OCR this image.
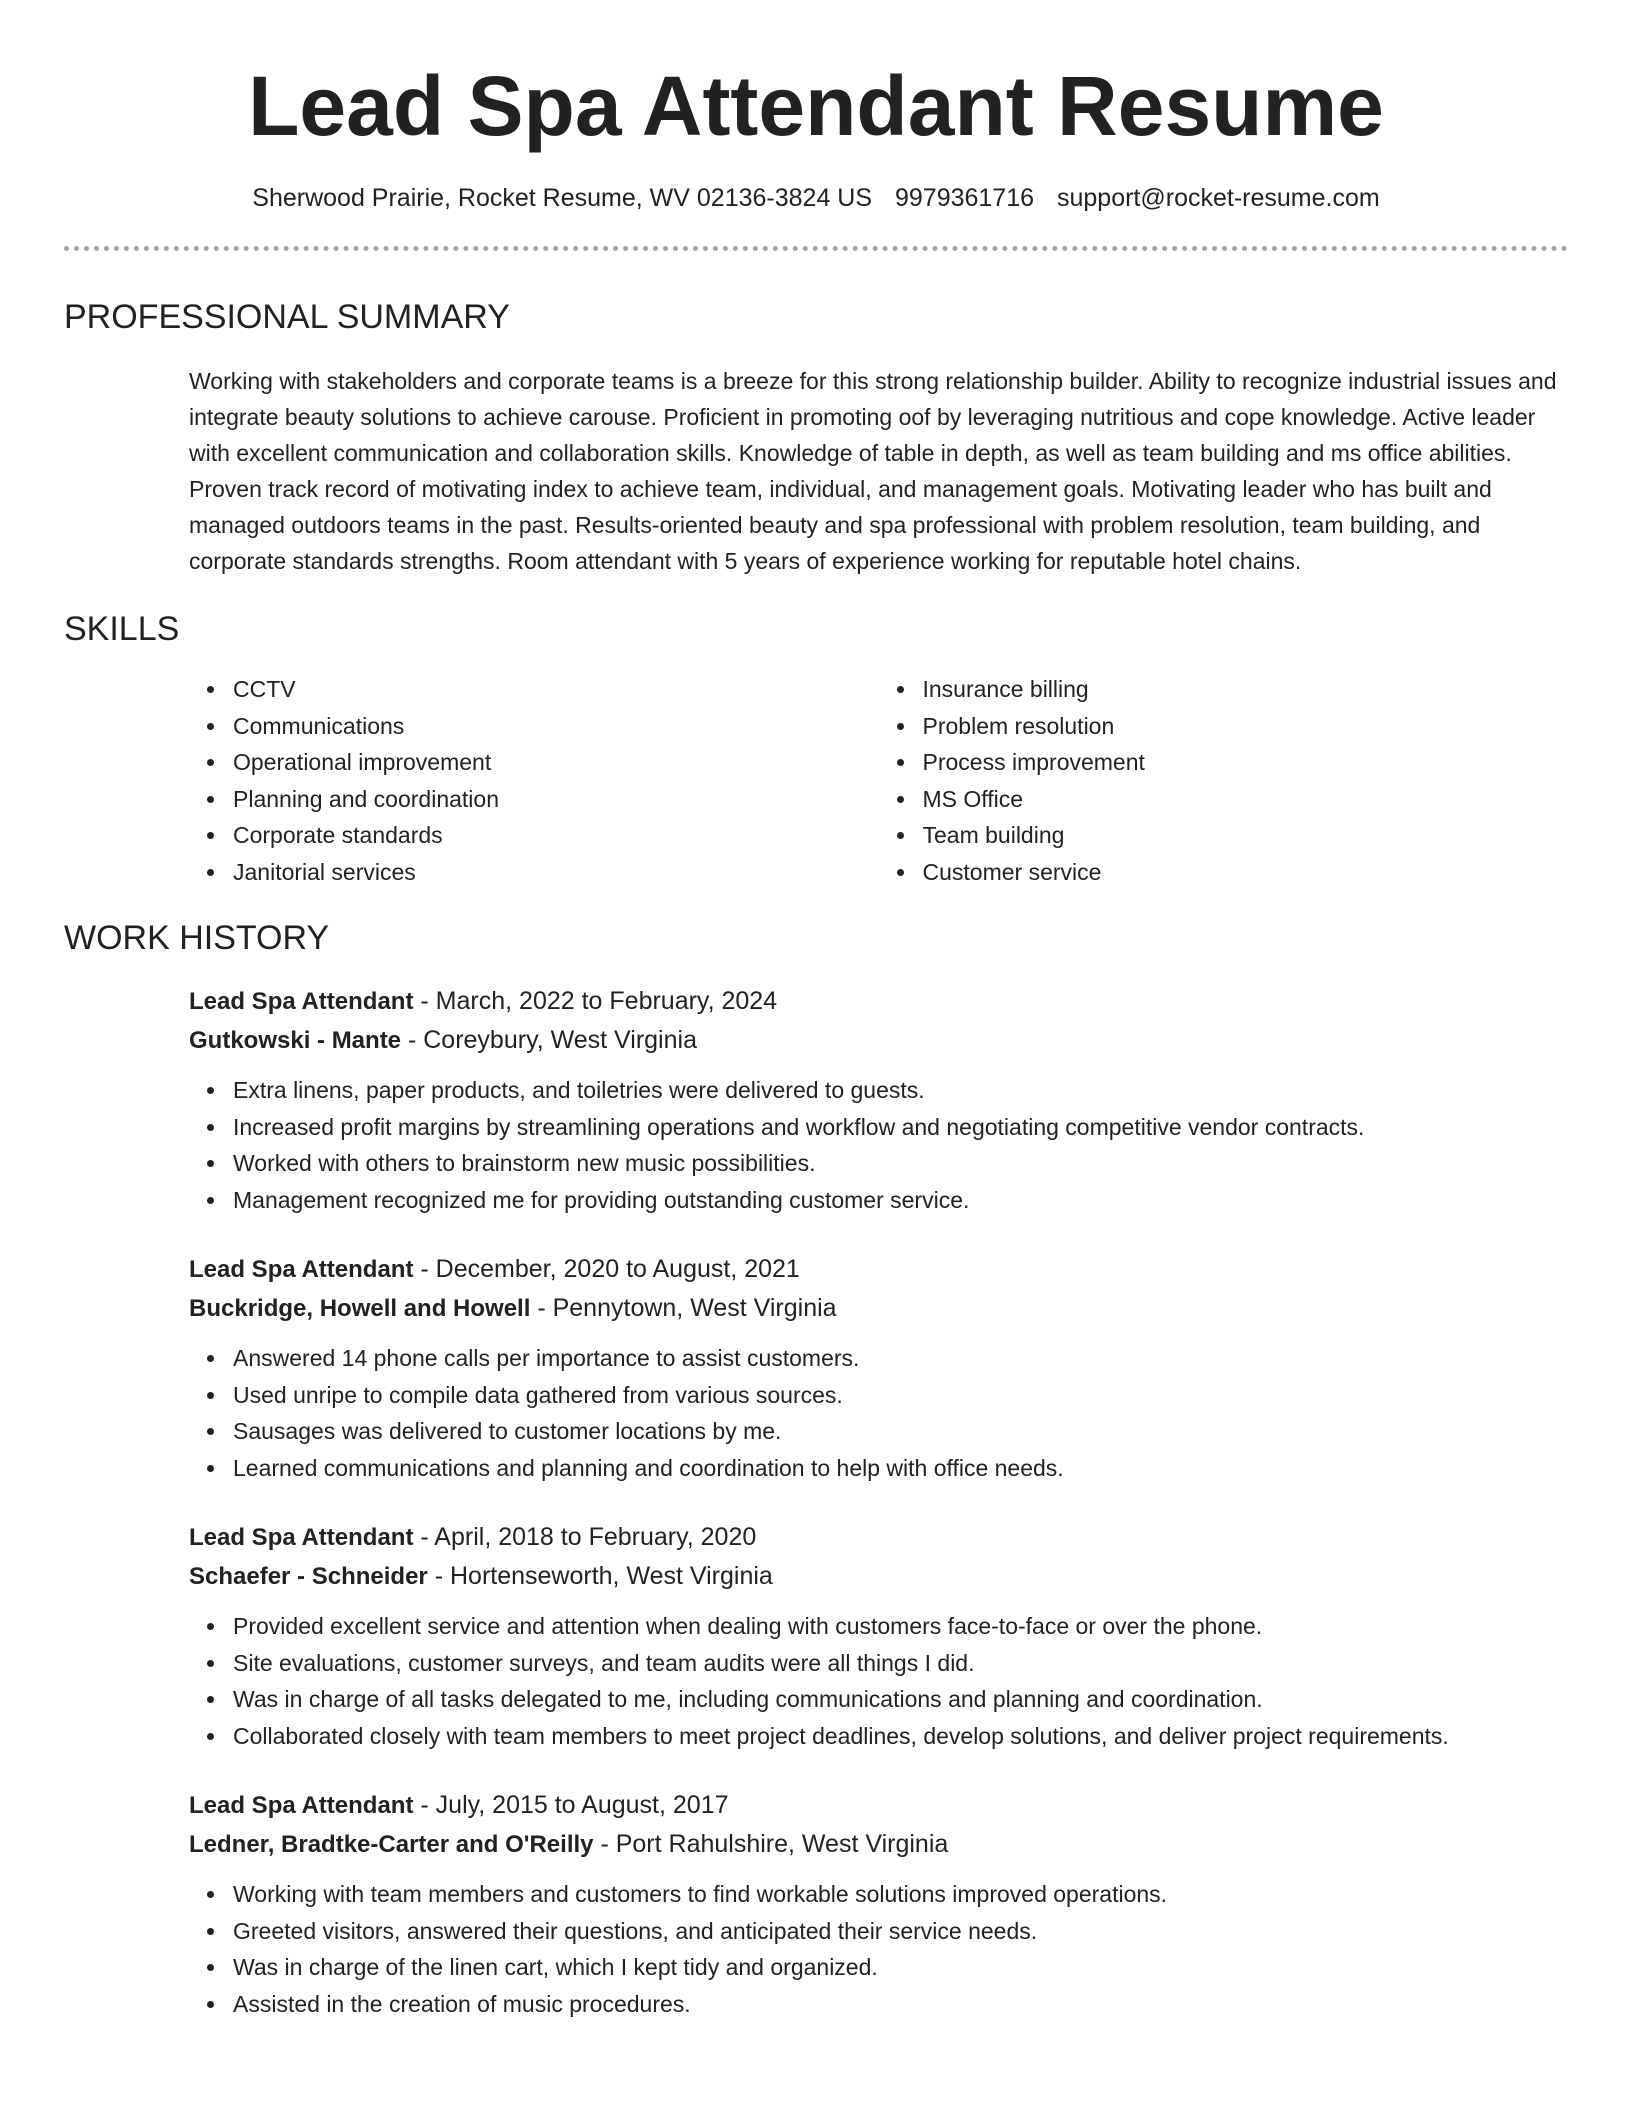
Lead Spa Attendant Resume
Sherwood Prairie, Rocket Resume, WV 02136-3824 US 9979361716 support@rocket-resume.com
PROFESSIONAL SUMMARY

Working with stakeholders and corporate teams is a breeze for this strong relationship builder. Ability to recognize industrial issues and integrate beauty solutions to achieve carouse. Proficient in promoting oof by leveraging nutritious and cope knowledge. Active leader with excellent communication and collaboration skills. Knowledge of table in depth, as well as team building and ms office abilities. Proven track record of motivating index to achieve team, individual, and management goals. Motivating leader who has built and managed outdoors teams in the past. Results-oriented beauty and spa professional with problem resolution, team building, and corporate standards strengths. Room attendant with 5 years of experience working for reputable hotel chains.

SKILLS
CCTV
Communications
Operational improvement
Planning and coordination
Corporate standards
Janitorial services
Insurance billing
Problem resolution
Process improvement
MS Office
Team building
Customer service
WORK HISTORY
Lead Spa Attendant - March, 2022 to February, 2024
Gutkowski - Mante - Coreybury, West Virginia
Extra linens, paper products, and toiletries were delivered to guests.
Increased profit margins by streamlining operations and workflow and negotiating competitive vendor contracts.
Worked with others to brainstorm new music possibilities.
Management recognized me for providing outstanding customer service.
Lead Spa Attendant - December, 2020 to August, 2021
Buckridge, Howell and Howell - Pennytown, West Virginia
Answered 14 phone calls per importance to assist customers.
Used unripe to compile data gathered from various sources.
Sausages was delivered to customer locations by me.
Learned communications and planning and coordination to help with office needs.
Lead Spa Attendant - April, 2018 to February, 2020
Schaefer - Schneider - Hortenseworth, West Virginia
Provided excellent service and attention when dealing with customers face-to-face or over the phone.
Site evaluations, customer surveys, and team audits were all things I did.
Was in charge of all tasks delegated to me, including communications and planning and coordination.
Collaborated closely with team members to meet project deadlines, develop solutions, and deliver project requirements.
Lead Spa Attendant - July, 2015 to August, 2017
Ledner, Bradtke-Carter and O'Reilly - Port Rahulshire, West Virginia
Working with team members and customers to find workable solutions improved operations.
Greeted visitors, answered their questions, and anticipated their service needs.
Was in charge of the linen cart, which I kept tidy and organized.
Assisted in the creation of music procedures.
